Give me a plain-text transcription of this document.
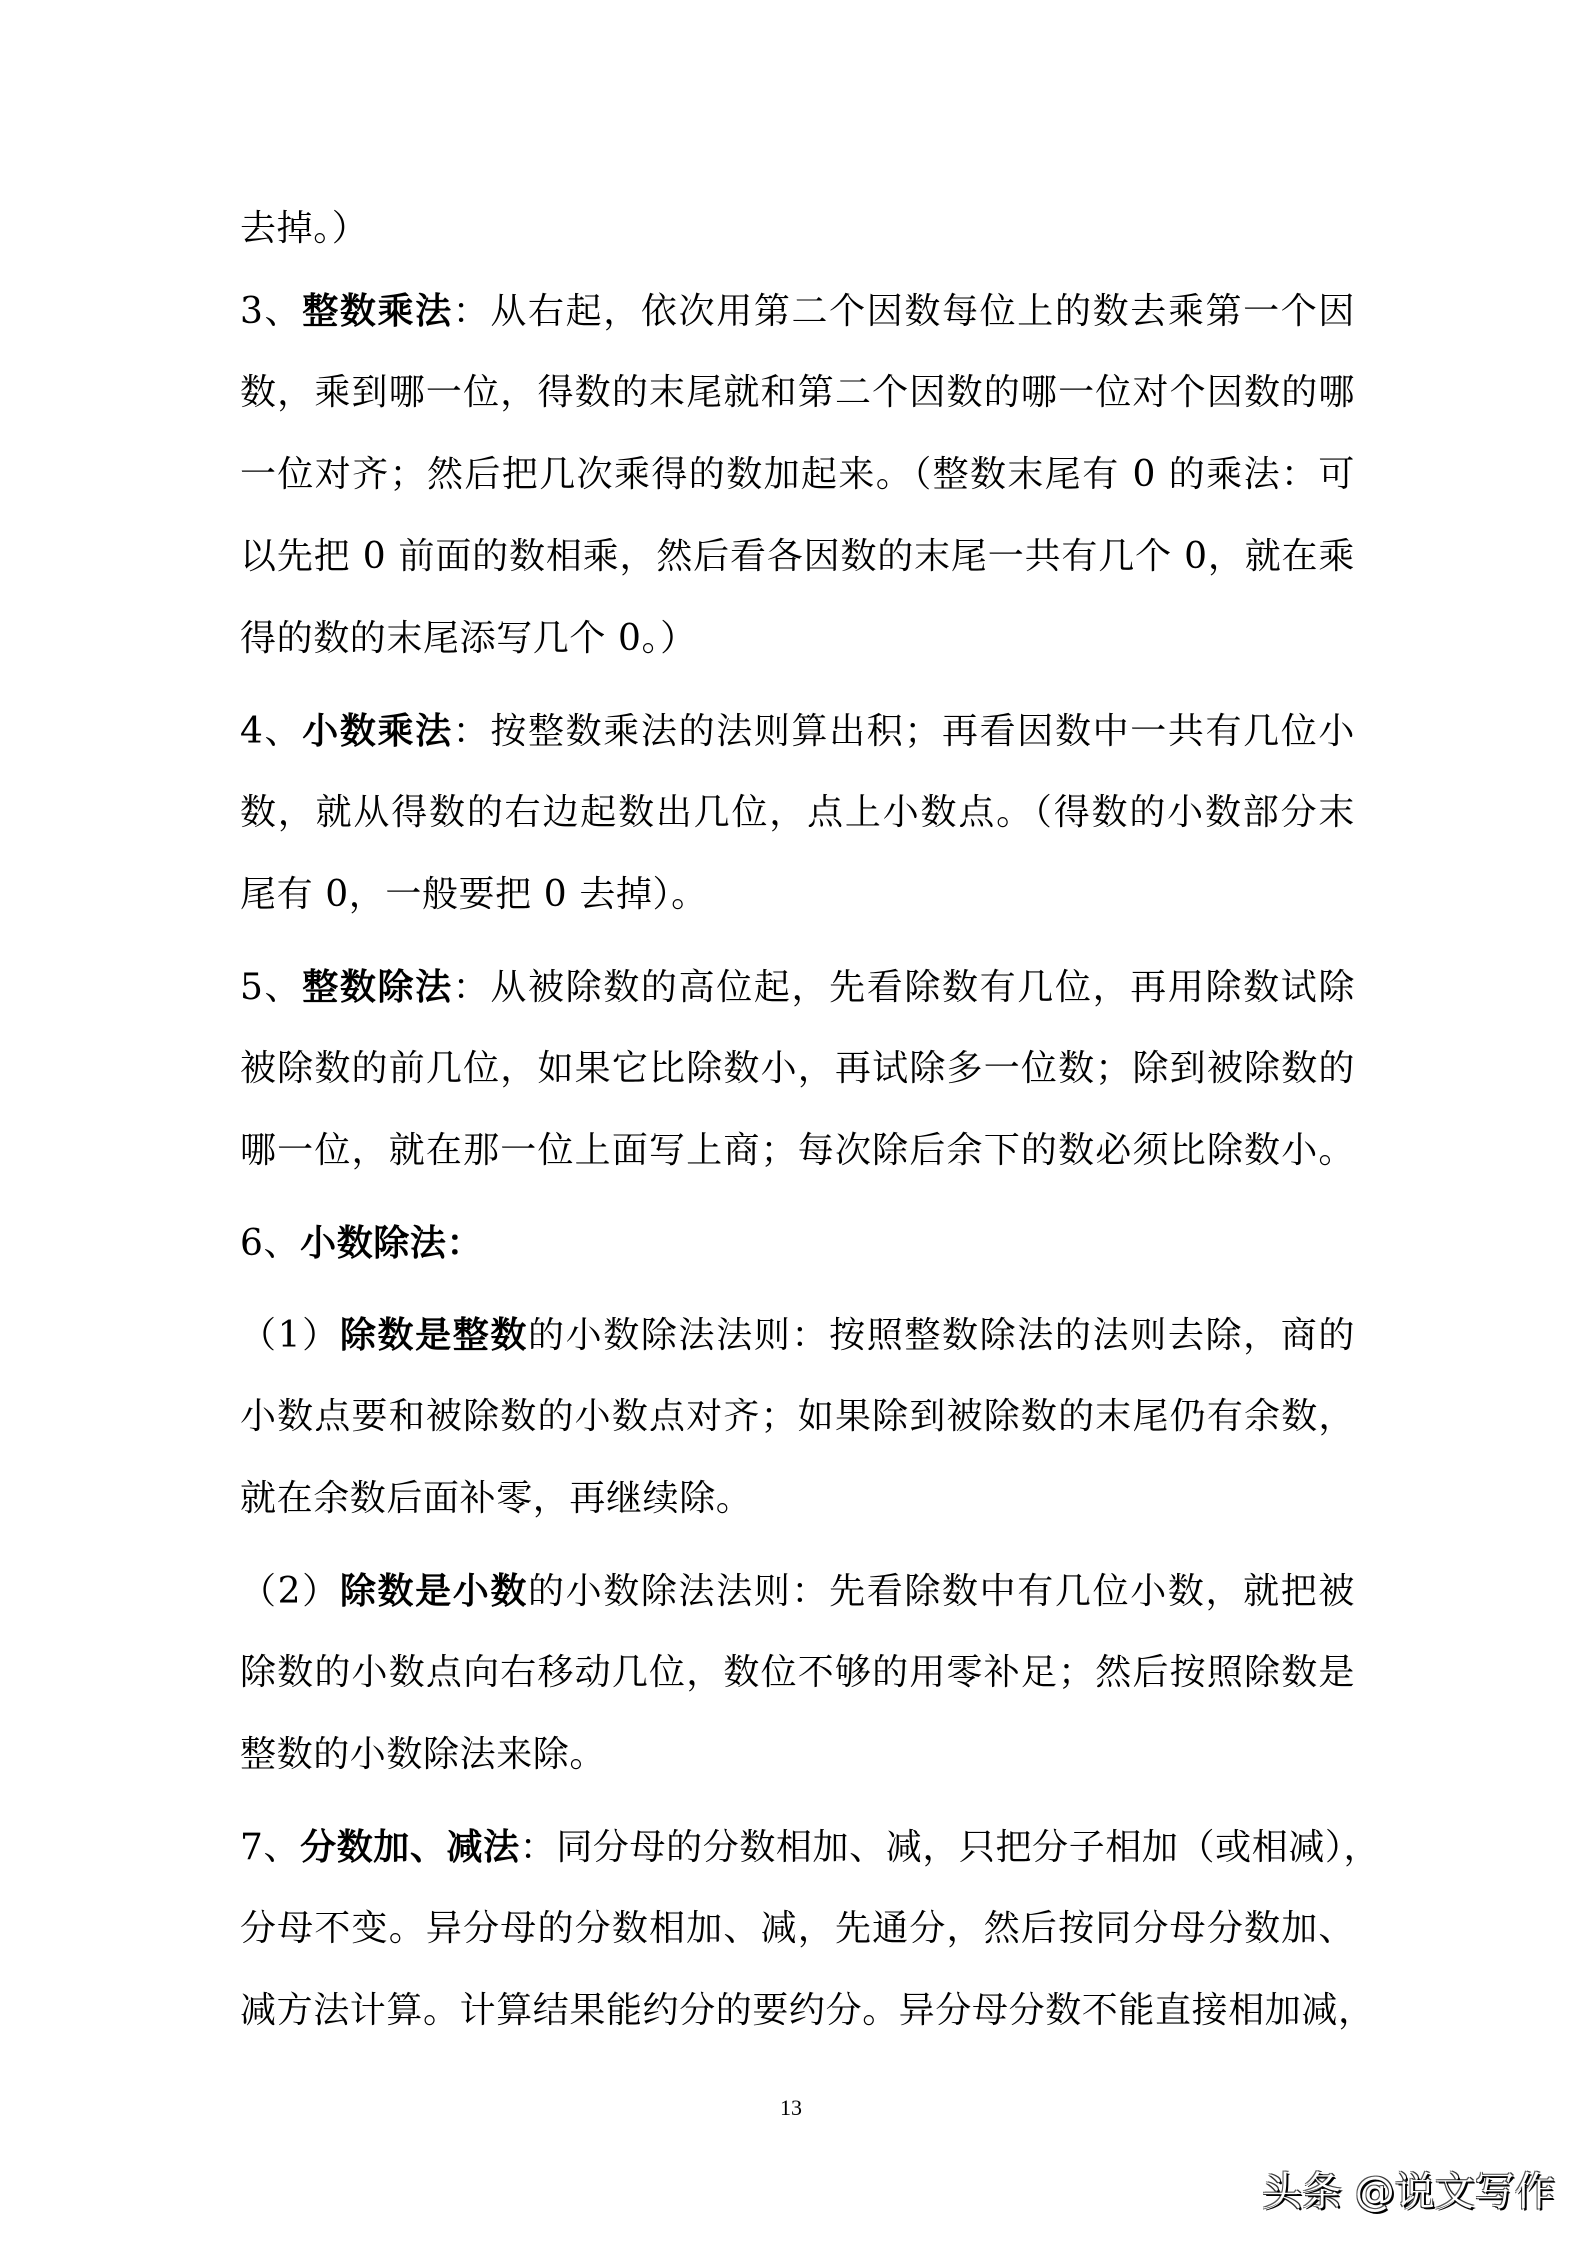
去掉。）
3、整数乘法：从右起，依次用第二个因数每位上的数去乘第一个因
数，乘到哪一位，得数的末尾就和第二个因数的哪一位对个因数的哪
一位对齐；然后把几次乘得的数加起来。（整数末尾有 0 的乘法：可
以先把 0 前面的数相乘，然后看各因数的末尾一共有几个 0，就在乘
得的数的末尾添写几个 0。）
4、小数乘法：按整数乘法的法则算出积；再看因数中一共有几位小
数，就从得数的右边起数出几位，点上小数点。（得数的小数部分末
尾有 0，一般要把 0 去掉）。
5、整数除法：从被除数的高位起，先看除数有几位，再用除数试除
被除数的前几位，如果它比除数小，再试除多一位数；除到被除数的
哪一位，就在那一位上面写上商；每次除后余下的数必须比除数小。
6、小数除法：
（1）除数是整数的小数除法法则：按照整数除法的法则去除，商的
小数点要和被除数的小数点对齐；如果除到被除数的末尾仍有余数，
就在余数后面补零，再继续除。
（2）除数是小数的小数除法法则：先看除数中有几位小数，就把被
除数的小数点向右移动几位，数位不够的用零补足；然后按照除数是
整数的小数除法来除。
7、分数加、减法：同分母的分数相加、减，只把分子相加（或相减），
分母不变。异分母的分数相加、减，先通分，然后按同分母分数加、
减方法计算。计算结果能约分的要约分。异分母分数不能直接相加减，
13
头条 @说文写作
